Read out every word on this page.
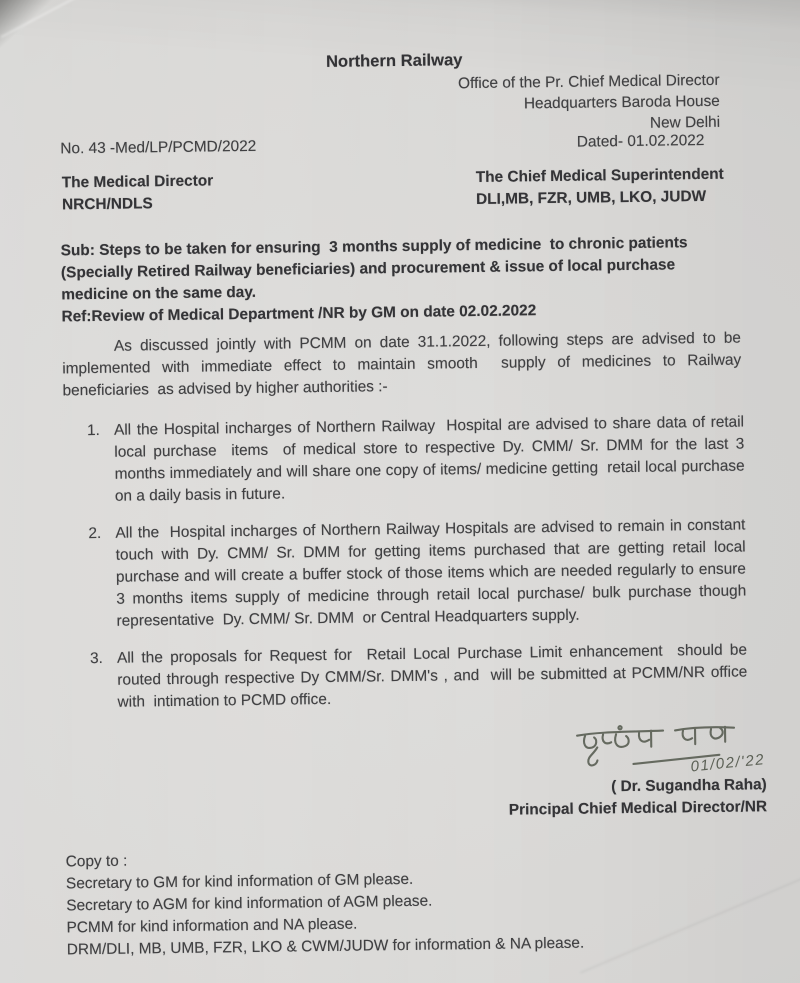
Northern Railway
Office of the Pr. Chief Medical Director
Headquarters Baroda House
New Delhi
No. 43 -Med/LP/PCMD/2022	Dated- 01.02.2022
The Medical Director
NRCH/NDLS
The Chief Medical Superintendent
DLI,MB, FZR, UMB, LKO, JUDW
Sub: Steps to be taken for ensuring  3 months supply of medicine  to chronic patients (Specially Retired Railway beneficiaries) and procurement & issue of local purchase medicine on the same day.
Ref:Review of Medical Department /NR by GM on date 02.02.2022
As discussed jointly with PCMM on date 31.1.2022, following steps are advised to be implemented with immediate effect to maintain smooth  supply of medicines to Railway beneficiaries  as advised by higher authorities :-
1. All the Hospital incharges of Northern Railway  Hospital are advised to share data of retail local purchase  items  of medical store to respective Dy. CMM/ Sr. DMM for the last 3 months immediately and will share one copy of items/ medicine getting  retail local purchase on a daily basis in future.
2. All the  Hospital incharges of Northern Railway Hospitals are advised to remain in constant touch with Dy. CMM/ Sr. DMM for getting items purchased that are getting retail local purchase and will create a buffer stock of those items which are needed regularly to ensure  3 months items supply of medicine through retail local purchase/ bulk purchase though representative  Dy. CMM/ Sr. DMM  or Central Headquarters supply.
3. All the proposals for Request for  Retail Local Purchase Limit enhancement  should be routed through respective Dy CMM/Sr. DMM's , and  will be submitted at PCMM/NR office with  intimation to PCMD office.
01/02/'22
( Dr. Sugandha Raha)
Principal Chief Medical Director/NR
Copy to :
Secretary to GM for kind information of GM please.
Secretary to AGM for kind information of AGM please.
PCMM for kind information and NA please.
DRM/DLI, MB, UMB, FZR, LKO & CWM/JUDW for information & NA please.
